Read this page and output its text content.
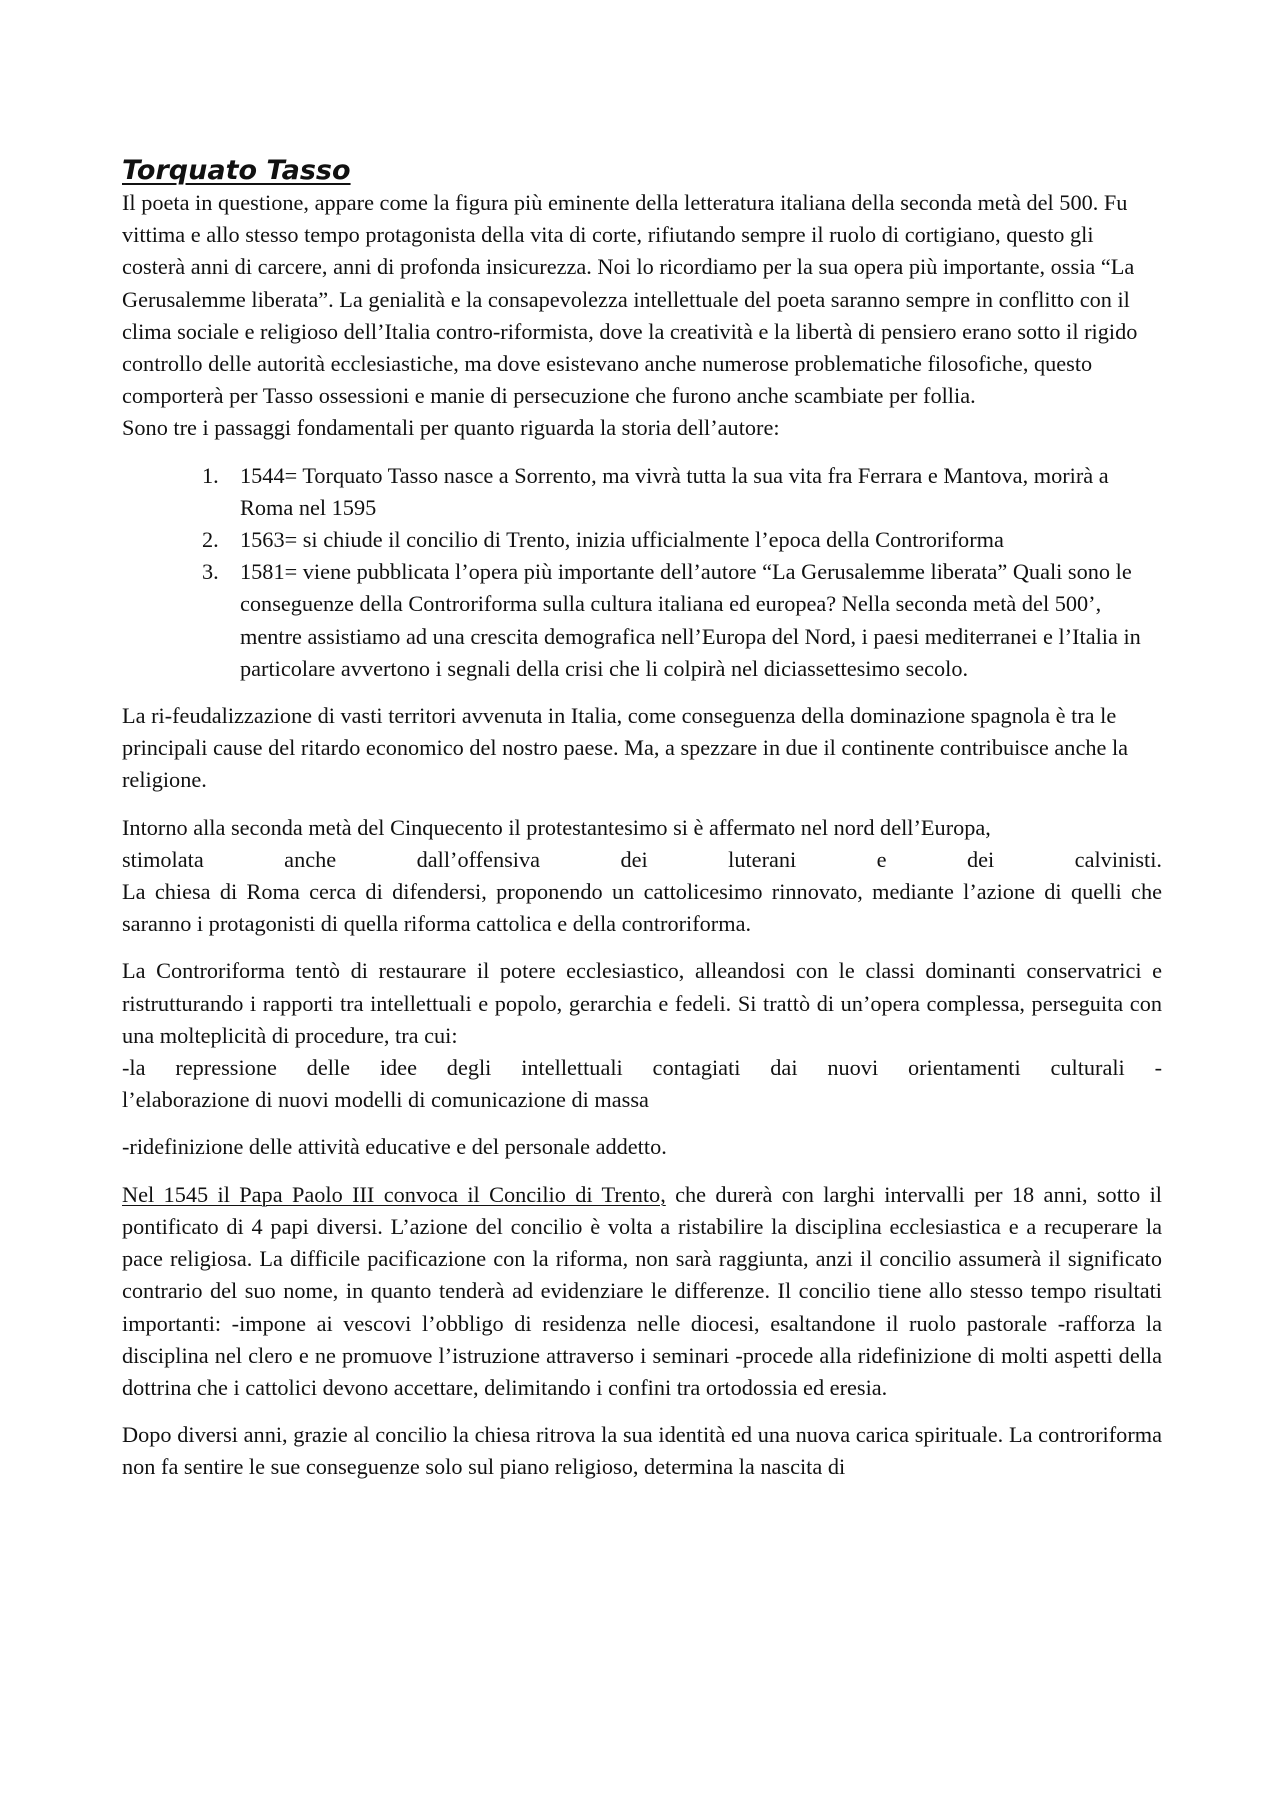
Torquato Tasso

Il poeta in questione, appare come la figura più eminente della letteratura italiana della seconda metà del 500. Fu vittima e allo stesso tempo protagonista della vita di corte, rifiutando sempre il ruolo di cortigiano, questo gli costerà anni di carcere, anni di profonda insicurezza. Noi lo ricordiamo per la sua opera più importante, ossia “La Gerusalemme liberata”. La genialità e la consapevolezza intellettuale del poeta saranno sempre in conflitto con il clima sociale e religioso dell’Italia contro-riformista, dove la creatività e la libertà di pensiero erano sotto il rigido controllo delle autorità ecclesiastiche, ma dove esistevano anche numerose problematiche filosofiche, questo comporterà per Tasso ossessioni e manie di persecuzione che furono anche scambiate per follia.
Sono tre i passaggi fondamentali per quanto riguarda la storia dell’autore:

1. 1544= Torquato Tasso nasce a Sorrento, ma vivrà tutta la sua vita fra Ferrara e Mantova, morirà a Roma nel 1595
2. 1563= si chiude il concilio di Trento, inizia ufficialmente l’epoca della Controriforma
3. 1581= viene pubblicata l’opera più importante dell’autore “La Gerusalemme liberata” Quali sono le conseguenze della Controriforma sulla cultura italiana ed europea? Nella seconda metà del 500’, mentre assistiamo ad una crescita demografica nell’Europa del Nord, i paesi mediterranei e l’Italia in particolare avvertono i segnali della crisi che li colpirà nel diciassettesimo secolo.

La ri-feudalizzazione di vasti territori avvenuta in Italia, come conseguenza della dominazione spagnola è tra le principali cause del ritardo economico del nostro paese. Ma, a spezzare in due il continente contribuisce anche la religione.

Intorno alla seconda metà del Cinquecento il protestantesimo si è affermato nel nord dell’Europa,
stimolata anche dall’offensiva dei luterani e dei calvinisti.
La chiesa di Roma cerca di difendersi, proponendo un cattolicesimo rinnovato, mediante l’azione di quelli che saranno i protagonisti di quella riforma cattolica e della controriforma.

La Controriforma tentò di restaurare il potere ecclesiastico, alleandosi con le classi dominanti conservatrici e ristrutturando i rapporti tra intellettuali e popolo, gerarchia e fedeli. Si trattò di un’opera complessa, perseguita con una molteplicità di procedure, tra cui:
-la repressione delle idee degli intellettuali contagiati dai nuovi orientamenti culturali -
l’elaborazione di nuovi modelli di comunicazione di massa

-ridefinizione delle attività educative e del personale addetto.

Nel 1545 il Papa Paolo III convoca il Concilio di Trento, che durerà con larghi intervalli per 18 anni, sotto il pontificato di 4 papi diversi. L’azione del concilio è volta a ristabilire la disciplina ecclesiastica e a recuperare la pace religiosa. La difficile pacificazione con la riforma, non sarà raggiunta, anzi il concilio assumerà il significato contrario del suo nome, in quanto tenderà ad evidenziare le differenze. Il concilio tiene allo stesso tempo risultati importanti: -impone ai vescovi l’obbligo di residenza nelle diocesi, esaltandone il ruolo pastorale -rafforza la disciplina nel clero e ne promuove l’istruzione attraverso i seminari -procede alla ridefinizione di molti aspetti della dottrina che i cattolici devono accettare, delimitando i confini tra ortodossia ed eresia.

Dopo diversi anni, grazie al concilio la chiesa ritrova la sua identità ed una nuova carica spirituale. La controriforma non fa sentire le sue conseguenze solo sul piano religioso, determina la nascita di
